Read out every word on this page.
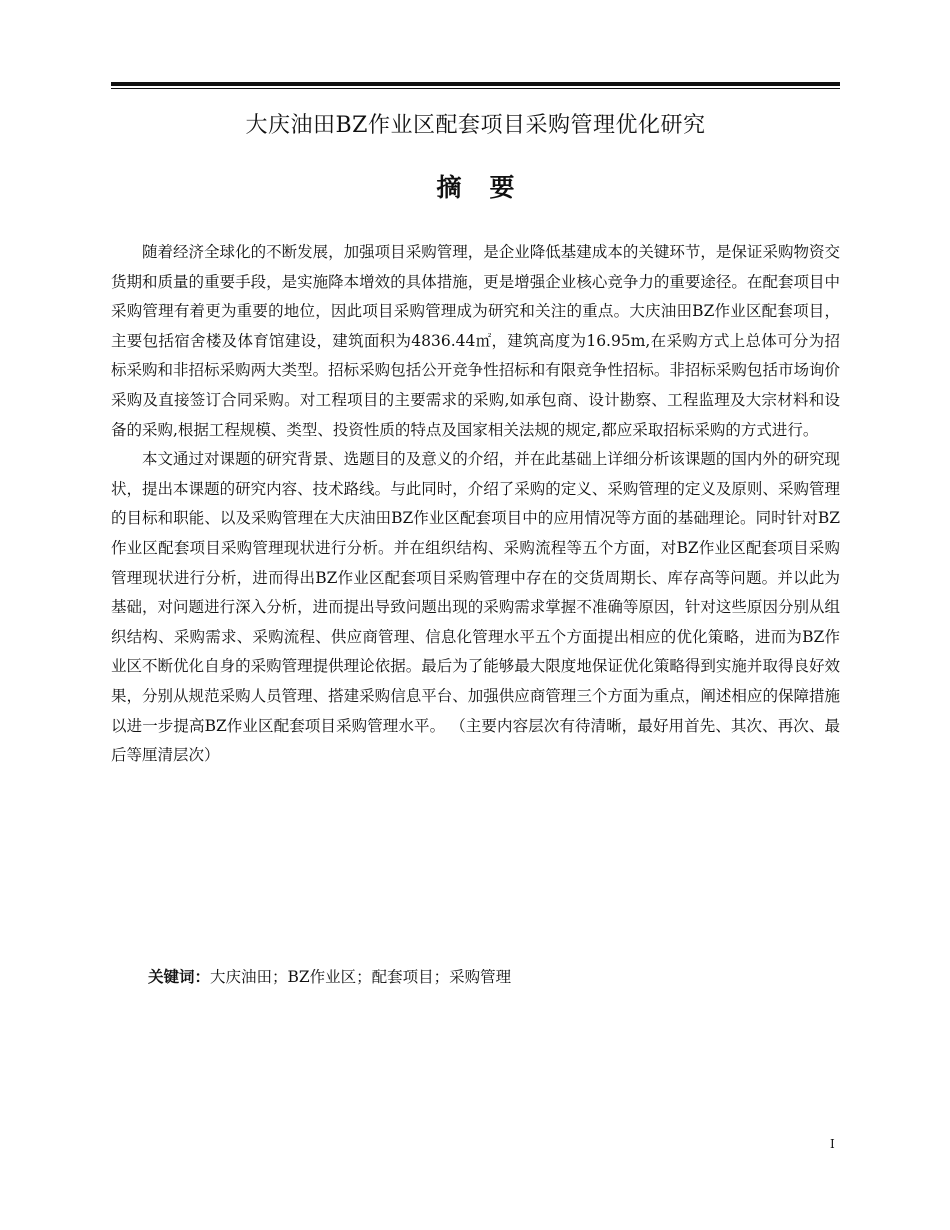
大庆油田BZ作业区配套项目采购管理优化研究
摘要

随着经济全球化的不断发展，加强项目采购管理，是企业降低基建成本的关键环节，是保证采购物资交货期和质量的重要手段，是实施降本增效的具体措施，更是增强企业核心竞争力的重要途径。在配套项目中采购管理有着更为重要的地位，因此项目采购管理成为研究和关注的重点。大庆油田BZ作业区配套项目，主要包括宿舍楼及体育馆建设，建筑面积为4836.44㎡，建筑高度为16.95m,在采购方式上总体可分为招标采购和非招标采购两大类型。招标采购包括公开竞争性招标和有限竞争性招标。非招标采购包括市场询价采购及直接签订合同采购。对工程项目的主要需求的采购,如承包商、设计勘察、工程监理及大宗材料和设备的采购,根据工程规模、类型、投资性质的特点及国家相关法规的规定,都应采取招标采购的方式进行。

本文通过对课题的研究背景、选题目的及意义的介绍，并在此基础上详细分析该课题的国内外的研究现状，提出本课题的研究内容、技术路线。与此同时，介绍了采购的定义、采购管理的定义及原则、采购管理的目标和职能、以及采购管理在大庆油田BZ作业区配套项目中的应用情况等方面的基础理论。同时针对BZ作业区配套项目采购管理现状进行分析。并在组织结构、采购流程等五个方面，对BZ作业区配套项目采购管理现状进行分析，进而得出BZ作业区配套项目采购管理中存在的交货周期长、库存高等问题。并以此为基础，对问题进行深入分析，进而提出导致问题出现的采购需求掌握不准确等原因，针对这些原因分别从组织结构、采购需求、采购流程、供应商管理、信息化管理水平五个方面提出相应的优化策略，进而为BZ作业区不断优化自身的采购管理提供理论依据。最后为了能够最大限度地保证优化策略得到实施并取得良好效果，分别从规范采购人员管理、搭建采购信息平台、加强供应商管理三个方面为重点，阐述相应的保障措施以进一步提高BZ作业区配套项目采购管理水平。 （主要内容层次有待清晰，最好用首先、其次、再次、最后等厘清层次）

关键词：大庆油田；BZ作业区；配套项目；采购管理
I
